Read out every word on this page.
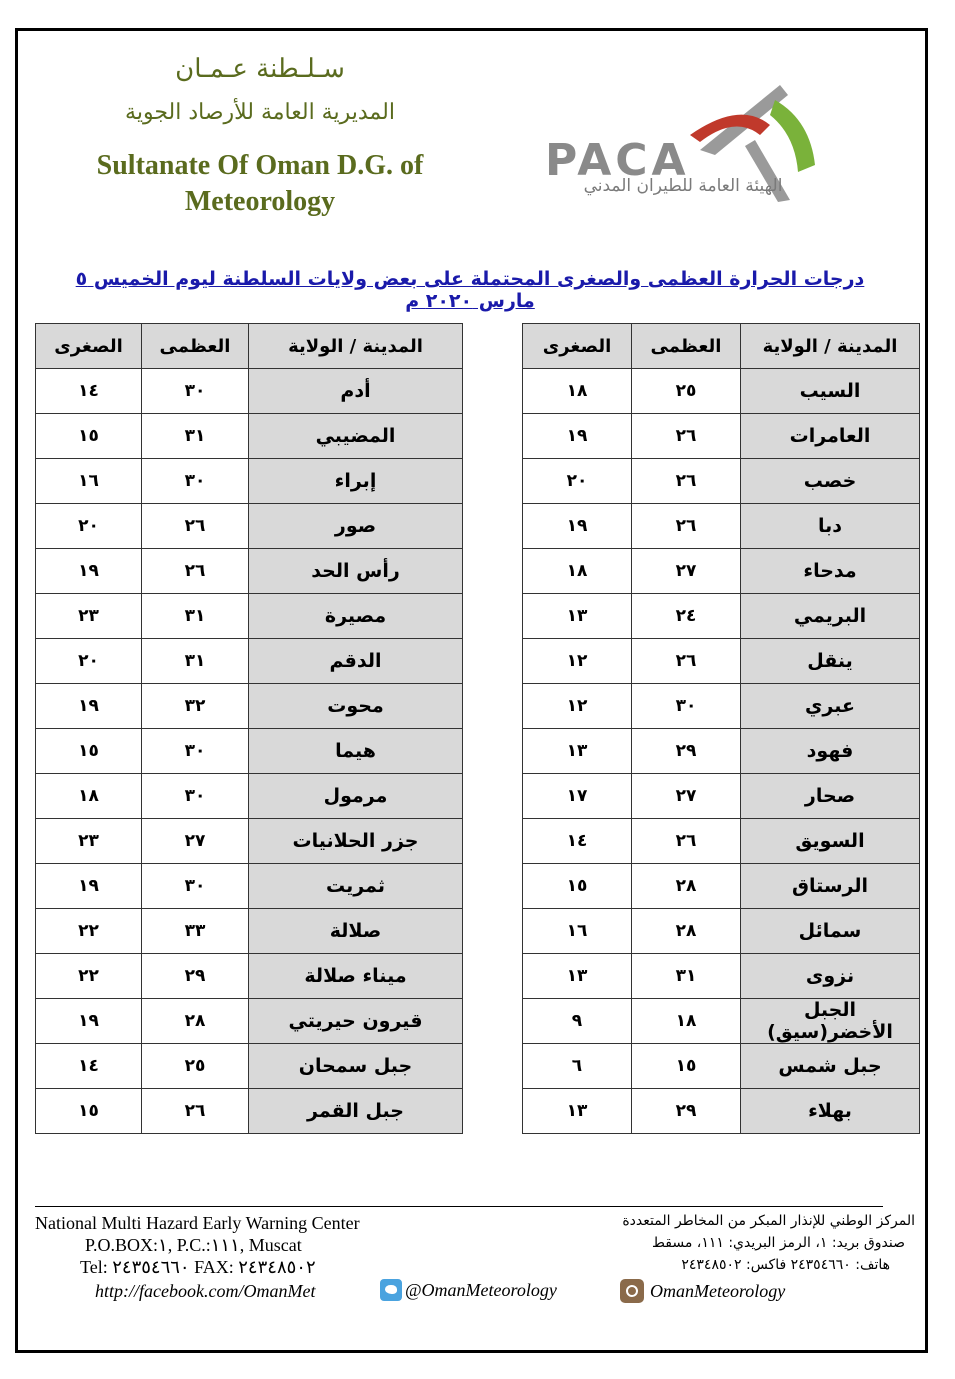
سـلـطنة عـمـان
المديرية العامة للأرصاد الجوية
Sultanate Of Oman D.G. of
Meteorology
PACA
الهيئة العامة للطيران المدني
درجات الحرارة العظمى والصغرى المحتملة على بعض ولايات السلطنة ليوم الخميس ٥ مارس ٢٠٢٠ م
المدينة / الولاية	العظمى	الصغرى
السيب	٢٥	١٨
العامرات	٢٦	١٩
خصب	٢٦	٢٠
دبا	٢٦	١٩
مدحاء	٢٧	١٨
البريمي	٢٤	١٣
ينقل	٢٦	١٢
عبري	٣٠	١٢
فهود	٢٩	١٣
صحار	٢٧	١٧
السويق	٢٦	١٤
الرستاق	٢٨	١٥
سمائل	٢٨	١٦
نزوى	٣١	١٣
الجبل الأخضر(سيق)	١٨	٩
جبل شمس	١٥	٦
بهلاء	٢٩	١٣
المدينة / الولاية	العظمى	الصغرى
أدم	٣٠	١٤
المضيبي	٣١	١٥
إبراء	٣٠	١٦
صور	٢٦	٢٠
رأس الحد	٢٦	١٩
مصيرة	٣١	٢٣
الدقم	٣١	٢٠
محوت	٣٢	١٩
هيما	٣٠	١٥
مرمول	٣٠	١٨
جزر الحلانيات	٢٧	٢٣
ثمريت	٣٠	١٩
صلالة	٣٣	٢٢
ميناء صلالة	٢٩	٢٢
قيرون حيريتي	٢٨	١٩
جبل سمحان	٢٥	١٤
جبل القمر	٢٦	١٥
National Multi Hazard Early Warning Center
P.O.BOX:١, P.C.:١١١, Muscat
Tel: ٢٤٣٥٤٦٦٠ FAX: ٢٤٣٤٨٥٠٢
المركز الوطني للإنذار المبكر من المخاطر المتعددة
صندوق بريد: ١، الرمز البريدي: ١١١، مسقط
هاتف: ٢٤٣٥٤٦٦٠ فاكس: ٢٤٣٤٨٥٠٢
http://facebook.com/OmanMet	@OmanMeteorology	OmanMeteorology
